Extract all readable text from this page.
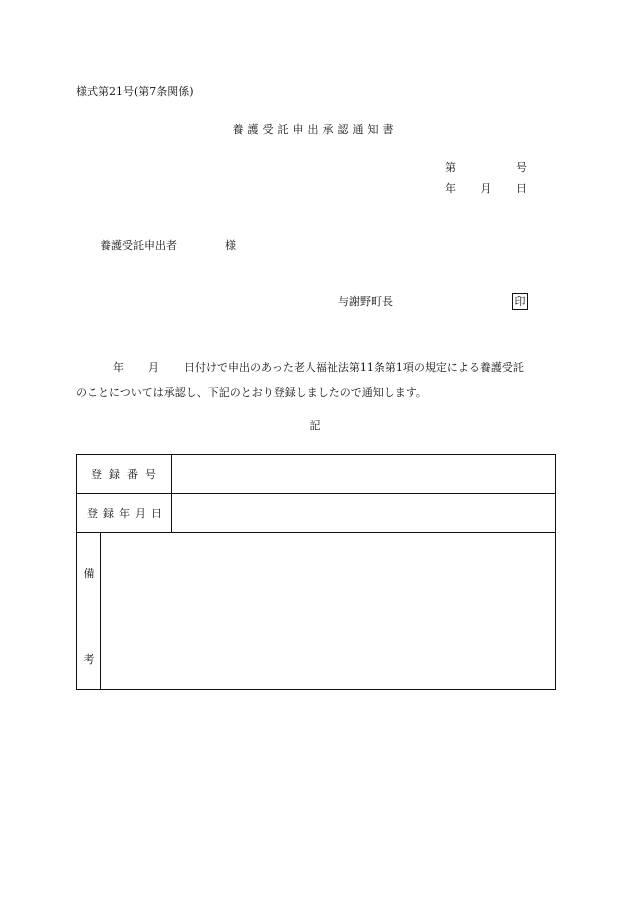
様式第21号(第7条関係)
養護受託申出承認通知書
第	号
年 月 日
養護受託申出者	様
与謝野町長	印
年 月 日付けで申出のあった老人福祉法第11条第1項の規定による養護受託
のことについては承認し、下記のとおり登録しましたので通知します。
記
登録番号
登録年月日
備
考
